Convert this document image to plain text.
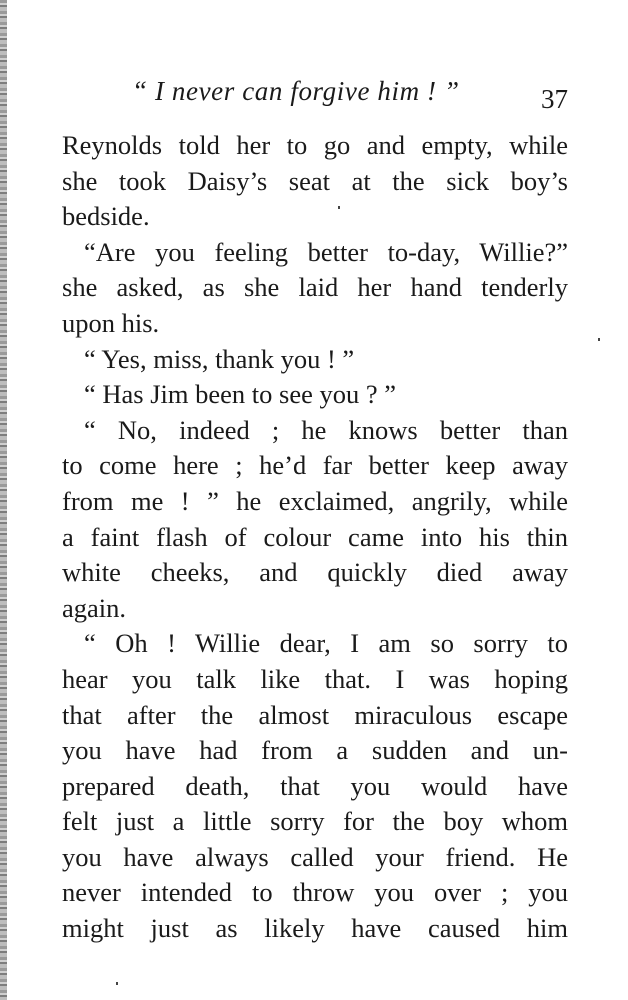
“ I never can forgive him ! ”	37
Reynolds told her to go and empty, while
she took Daisy’s seat at the sick boy’s
bedside.
“Are you feeling better to-day, Willie?”
she asked, as she laid her hand tenderly
upon his.
“ Yes, miss, thank you ! ”
“ Has Jim been to see you ? ”
“ No, indeed ; he knows better than
to come here ; he’d far better keep away
from me ! ” he exclaimed, angrily, while
a faint flash of colour came into his thin
white cheeks, and quickly died away
again.
“ Oh ! Willie dear, I am so sorry to
hear you talk like that. I was hoping
that after the almost miraculous escape
you have had from a sudden and un-
prepared death, that you would have
felt just a little sorry for the boy whom
you have always called your friend. He
never intended to throw you over ; you
might just as likely have caused him
